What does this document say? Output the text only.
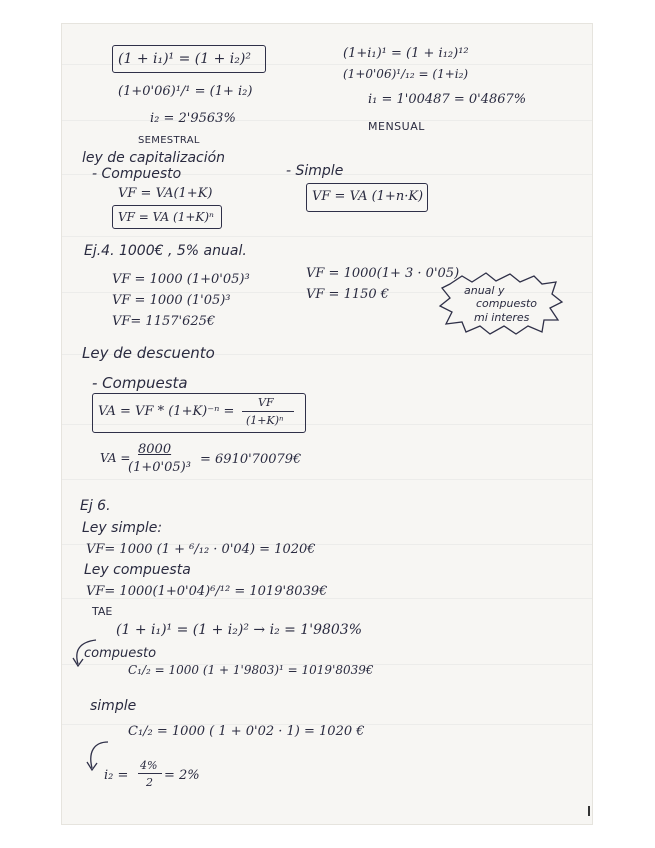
(1 + i₁)¹ = (1 + i₂)²
(1+0'06)¹/¹ = (1+ i₂)
i₂ = 2'9563%
SEMESTRAL
(1+i₁)¹ = (1 + i₁₂)¹²
(1+0'06)¹/₁₂ = (1+i₂)
i₁ = 1'00487 = 0'4867%
MENSUAL
ley de capitalización
- Compuesto
VF = VA(1+K)
VF = VA (1+K)ⁿ
- Simple
VF = VA (1+n·K)
Ej.4. 1000€ , 5% anual.
VF = 1000 (1+0'05)³
VF = 1000 (1'05)³
VF= 1157'625€
VF = 1000(1+ 3 · 0'05)
VF = 1150 €	anual y
compuesto
mi interes
Ley de descuento
- Compuesta
VA = VF * (1+K)⁻ⁿ =
VF
(1+K)ⁿ
VA =
8000
(1+0'05)³
= 6910'70079€
Ej 6.
Ley simple:
VF= 1000 (1 + ⁶/₁₂ · 0'04) = 1020€
Ley compuesta
VF= 1000(1+0'04)⁶/¹² = 1019'8039€
TAE
(1 + i₁)¹ = (1 + i₂)² → i₂ = 1'9803%
compuesto
C₁/₂ = 1000 (1 + 1'9803)¹ = 1019'8039€
simple
C₁/₂ = 1000 ( 1 + 0'02 · 1) = 1020 €
i₂ =
4%
2 = 2%
